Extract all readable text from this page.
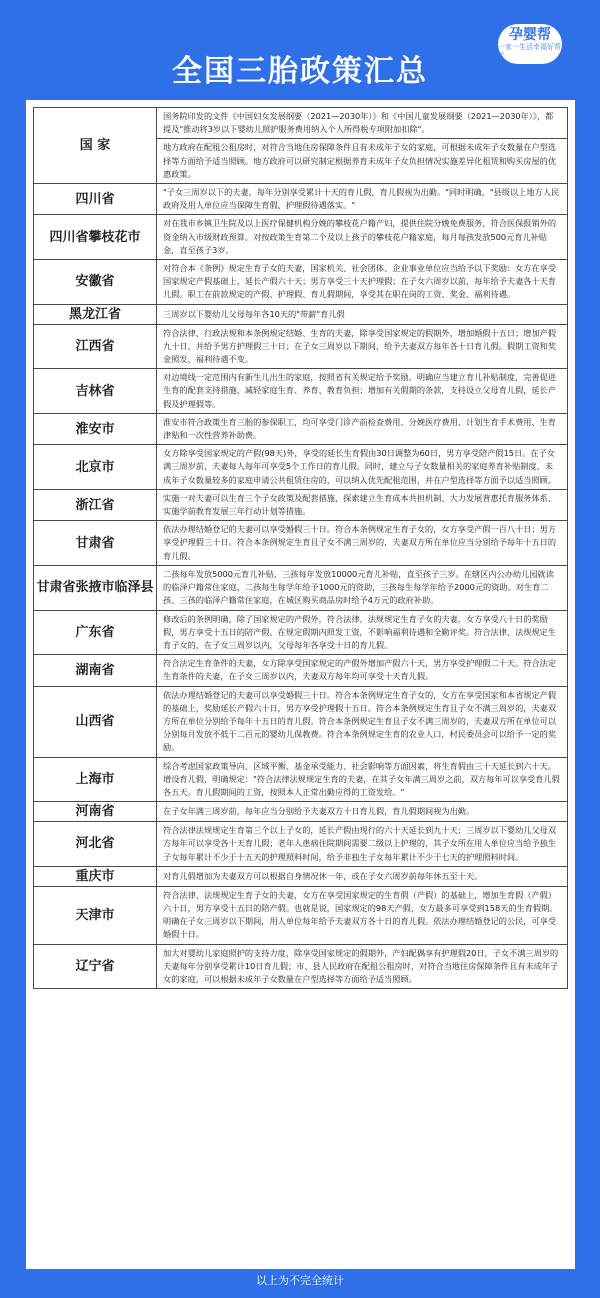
全国三胎政策汇总
孕婴帮
一家一生活幸福好帮手
国 家	国务院印发的文件《中国妇女发展纲要（2021—2030年）》和《中国儿童发展纲要（2021—2030年）》，都提及"推动将3岁以下婴幼儿照护服务费用纳入个人所得税专项附加扣除"。
	地方政府在配租公租房时，对符合当地住房保障条件且有未成年子女的家庭，可根据未成年子女数量在户型选择等方面给予适当照顾。地方政府可以研究制定根据养育未成年子女负担情况实施差异化租赁和购买房屋的优惠政策。
四川省	"子女三周岁以下的夫妻，每年分别享受累计十天的育儿假，育儿假视为出勤。"同时明确，"县级以上地方人民政府及用人单位应当保障生育假、护理假待遇落实。"
四川省攀枝花市	对在我市乡镇卫生院及以上医疗保健机构分娩的攀枝花户籍产妇，提供住院分娩免费服务，符合医保报销外的资金纳入市级财政预算。对按政策生育第二个及以上孩子的攀枝花户籍家庭，每月每孩发放500元育儿补贴金，直至孩子3岁。
安徽省	对符合本《条例》规定生育子女的夫妻，国家机关、社会团体、企业事业单位应当给予以下奖励：女方在享受国家规定产假基础上，延长产假六十天；男方享受三十天护理假；在子女六周岁以前，每年给予夫妻各十天育儿假。职工在前款规定的产假、护理假、育儿假期间，享受其在职在岗的工资、奖金、福利待遇。
黑龙江省	三周岁以下婴幼儿父母每年各10天的"带薪"育儿假
江西省	符合法律、行政法规和本条例规定结婚、生育的夫妻，除享受国家规定的假期外，增加婚假十五日；增加产假九十日，并给予男方护理假三十日；在子女三周岁以下期间，给予夫妻双方每年各十日育儿假。假期工资和奖金照发，福利待遇不变。
吉林省	对边境线一定范围内有新生儿出生的家庭，按照省有关规定给予奖励。明确应当建立育儿补贴制度，完善促进生育的配套支持措施，减轻家庭生育、养育、教育负担；增加有关假期的条款，支持设立父母育儿假，延长产假及护理假等。
淮安市	淮安市符合政策生育三胎的参保职工，均可享受门诊产前检查费用、分娩医疗费用、计划生育手术费用、生育津贴和一次性营养补助费。
北京市	女方除享受国家规定的产假(98天)外，享受的延长生育假由30日调整为60日，男方享受陪产假15日。在子女满三周岁前，夫妻每人每年可享受5个工作日的育儿假。同时，建立与子女数量相关的家庭养育补贴制度，未成年子女数量较多的家庭申请公共租赁住房的，可以纳入优先配租范围，并在户型选择等方面予以适当照顾。
浙江省	实施一对夫妻可以生育三个子女政策及配套措施，探索建立生育成本共担机制、大力发展普惠托育服务体系、实施学前教育发展三年行动计划等措施。
甘肃省	依法办理结婚登记的夫妻可以享受婚假三十日。符合本条例规定生育子女的，女方享受产假一百八十日；男方享受护理假三十日。符合本条例规定生育且子女不满三周岁的，夫妻双方所在单位应当分别给予每年十五日的育儿假。
甘肃省张掖市临泽县	二孩每年发放5000元育儿补贴，三孩每年发放10000元育儿补贴，直至孩子三岁。在辖区内公办幼儿园就读的临泽户籍常住家庭，二孩每生每学年给予1000元的资助，三孩每生每学年给予2000元的资助。对生育二孩、三孩的临泽户籍常住家庭，在城区购买商品房时给予4万元的政府补助。
广东省	修改后的条例明确，除了国家规定的产假外，符合法律、法规规定生育子女的夫妻，女方享受八十日的奖励假，男方享受十五日的陪产假。在规定假期内照发工资，不影响福利待遇和全勤评奖。符合法律、法规规定生育子女的，在子女三周岁以内，父母每年各享受十日的育儿假。
湖南省	符合法定生育条件的夫妻，女方除享受国家规定的产假外增加产假六十天，男方享受护理假二十天。符合法定生育条件的夫妻，在子女三周岁以内，夫妻双方每年均可享受十天育儿假。
山西省	依法办理结婚登记的夫妻可以享受婚假三十日。符合本条例规定生育子女的，女方在享受国家和本省规定产假的基础上，奖励延长产假六十日，男方享受护理假十五日。符合本条例规定生育且子女不满三周岁的，夫妻双方所在单位分别给予每年十五日的育儿假。符合本条例规定生育且子女不满三周岁的，夫妻双方所在单位可以分别每月发放不低于二百元的婴幼儿保教费。符合本条例规定生育的农业人口，村民委员会可以给予一定的奖励。
上海市	综合考虑国家政策导向、区域平衡、基金承受能力、社会影响等方面因素，将生育假由三十天延长到六十天。增设育儿假，明确规定："符合法律法规规定生育的夫妻，在其子女年满三周岁之前，双方每年可以享受育儿假各五天。育儿假期间的工资，按照本人正常出勤应得的工资发给。"
河南省	在子女年满三周岁前，每年应当分别给予夫妻双方十日育儿假，育儿假期间视为出勤。
河北省	符合法律法规规定生育第三个以上子女的，延长产假由现行的六十天延长到九十天；三周岁以下婴幼儿父母双方每年可以享受各十天育儿假；老年人患病住院期间需要二级以上护理的，其子女所在用人单位应当给予独生子女每年累计不少于十五天的护理照料时间，给予非独生子女每年累计不少于七天的护理照料时间。
重庆市	对育儿假增加为夫妻双方可以根据自身情况休一年，或在子女六周岁前每年休五至十天。
天津市	符合法律、法规规定生育子女的夫妻，女方在享受国家规定的生育假（产假）的基础上，增加生育假（产假）六十日，男方享受十五日的陪产假。也就是说，国家规定的98天产假，女方最多可享受到158天的生育假期。明确在子女三周岁以下期间，用人单位每年给予夫妻双方各十日的育儿假。依法办理结婚登记的公民，可享受婚假十日。
辽宁省	加大对婴幼儿家庭照护的支持力度，除享受国家规定的假期外，产妇配偶享有护理假20日，子女不满三周岁的夫妻每年分别享受累计10日育儿假；市、县人民政府在配租公租房时，对符合当地住房保障条件且有未成年子女的家庭，可以根据未成年子女数量在户型选择等方面给予适当照顾。
以上为不完全统计
